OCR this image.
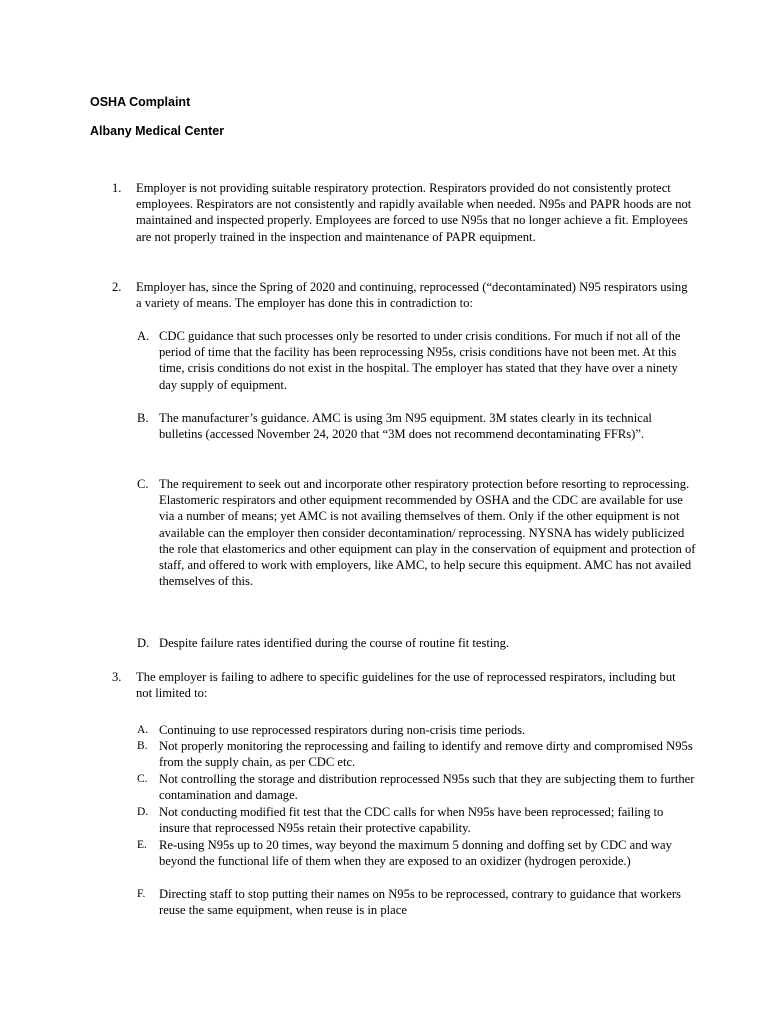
OSHA Complaint
Albany Medical Center
1.	Employer is not providing suitable respiratory protection. Respirators provided do not consistently protect employees. Respirators are not consistently and rapidly available when needed. N95s and PAPR hoods are not maintained and inspected properly. Employees are forced to use N95s that no longer achieve a fit. Employees are not properly trained in the inspection and maintenance of PAPR equipment.
2.	Employer has, since the Spring of 2020 and continuing, reprocessed (“decontaminated) N95 respirators using a variety of means. The employer has done this in contradiction to:
A. CDC guidance that such processes only be resorted to under crisis conditions. For much if not all of the period of time that the facility has been reprocessing N95s, crisis conditions have not been met. At this time, crisis conditions do not exist in the hospital. The employer has stated that they have over a ninety day supply of equipment.
B. The manufacturer’s guidance. AMC is using 3m N95 equipment. 3M states clearly in its technical bulletins (accessed November 24, 2020 that “3M does not recommend decontaminating FFRs)”.
C. The requirement to seek out and incorporate other respiratory protection before resorting to reprocessing. Elastomeric respirators and other equipment recommended by OSHA and the CDC are available for use via a number of means; yet AMC is not availing themselves of them. Only if the other equipment is not available can the employer then consider decontamination/ reprocessing. NYSNA has widely publicized the role that elastomerics and other equipment can play in the conservation of equipment and protection of staff, and offered to work with employers, like AMC, to help secure this equipment. AMC has not availed themselves of this.
D. Despite failure rates identified during the course of routine fit testing.
3.	The employer is failing to adhere to specific guidelines for the use of reprocessed respirators, including but not limited to:
A. Continuing to use reprocessed respirators during non-crisis time periods.
B. Not properly monitoring the reprocessing and failing to identify and remove dirty and compromised N95s from the supply chain, as per CDC etc.
C. Not controlling the storage and distribution reprocessed N95s such that they are subjecting them to further contamination and damage.
D. Not conducting modified fit test that the CDC calls for when N95s have been reprocessed; failing to insure that reprocessed N95s retain their protective capability.
E. Re-using N95s up to 20 times, way beyond the maximum 5 donning and doffing set by CDC and way beyond the functional life of them when they are exposed to an oxidizer (hydrogen peroxide.)
F.	Directing staff to stop putting their names on N95s to be reprocessed, contrary to guidance that workers reuse the same equipment, when reuse is in place
